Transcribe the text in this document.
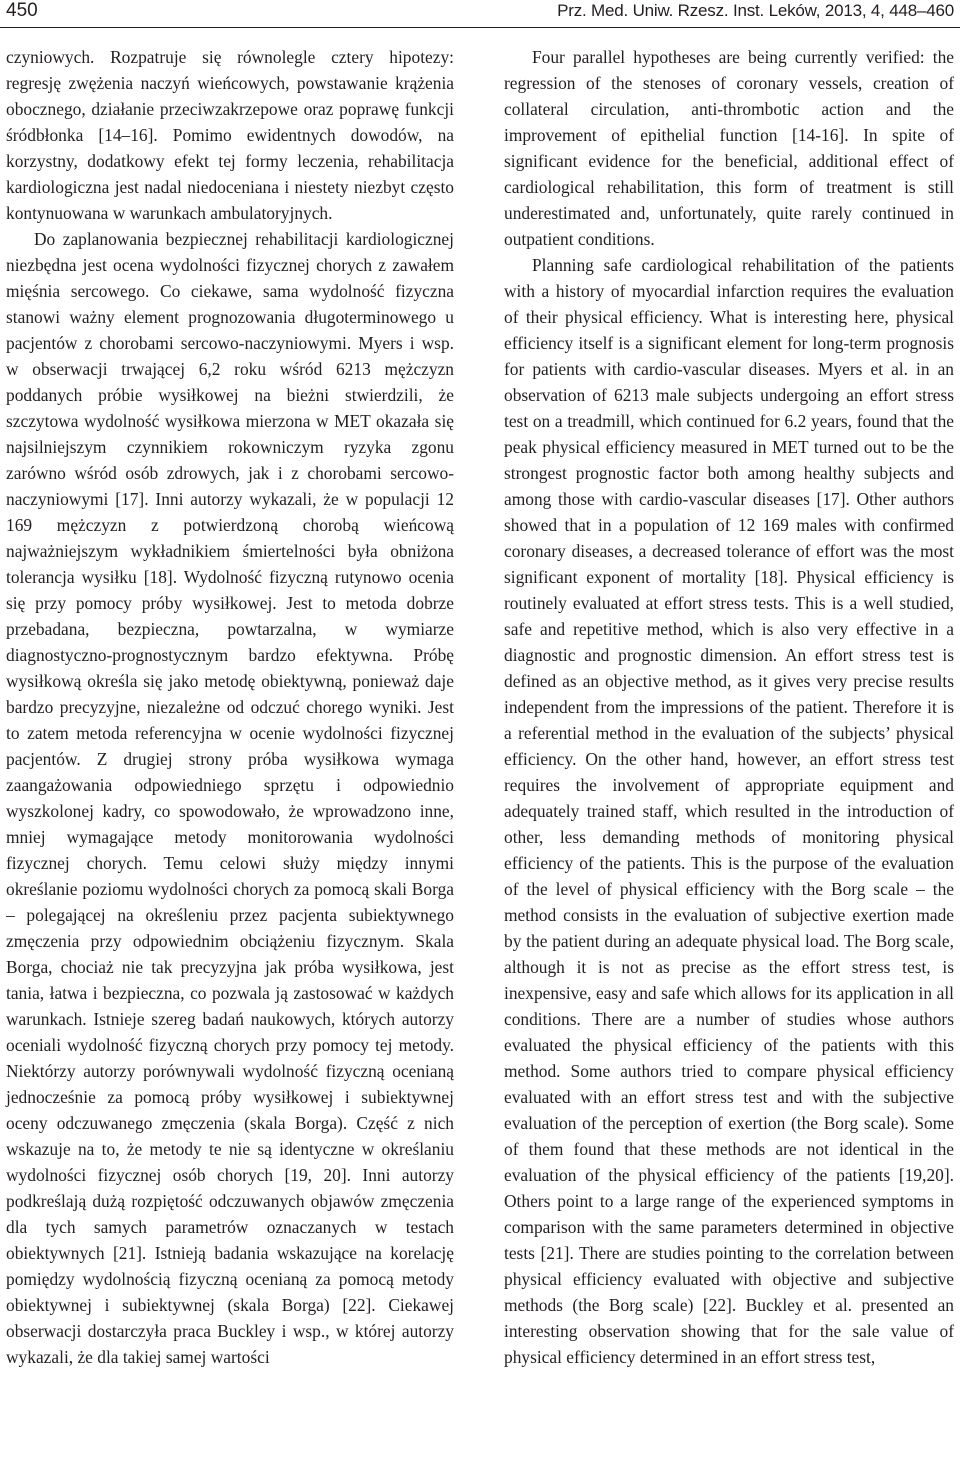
450	Prz. Med. Uniw. Rzesz. Inst. Leków, 2013, 4, 448–460

czyniowych. Rozpatruje się równolegle cztery hipotezy: regresję zwężenia naczyń wieńcowych, powstawanie krążenia obocznego, działanie przeciwzakrzepowe oraz poprawę funkcji śródbłonka [14–16]. Pomimo ewidentnych dowodów, na korzystny, dodatkowy efekt tej formy leczenia, rehabilitacja kardiologiczna jest nadal niedoceniana i niestety niezbyt często kontynuowana w warunkach ambulatoryjnych.

Do zaplanowania bezpiecznej rehabilitacji kardiologicznej niezbędna jest ocena wydolności fizycznej chorych z zawałem mięśnia sercowego. Co ciekawe, sama wydolność fizyczna stanowi ważny element prognozowania długoterminowego u pacjentów z chorobami sercowo-naczyniowymi. Myers i wsp. w obserwacji trwającej 6,2 roku wśród 6213 mężczyzn poddanych próbie wysiłkowej na bieżni stwierdzili, że szczytowa wydolność wysiłkowa mierzona w MET okazała się najsilniejszym czynnikiem rokowniczym ryzyka zgonu zarówno wśród osób zdrowych, jak i z chorobami sercowo-naczyniowymi [17]. Inni autorzy wykazali, że w populacji 12 169 mężczyzn z potwierdzoną chorobą wieńcową najważniejszym wykładnikiem śmiertelności była obniżona tolerancja wysiłku [18]. Wydolność fizyczną rutynowo ocenia się przy pomocy próby wysiłkowej. Jest to metoda dobrze przebadana, bezpieczna, powtarzalna, w wymiarze diagnostyczno-prognostycznym bardzo efektywna. Próbę wysiłkową określa się jako metodę obiektywną, ponieważ daje bardzo precyzyjne, niezależne od odczuć chorego wyniki. Jest to zatem metoda referencyjna w ocenie wydolności fizycznej pacjentów. Z drugiej strony próba wysiłkowa wymaga zaangażowania odpowiedniego sprzętu i odpowiednio wyszkolonej kadry, co spowodowało, że wprowadzono inne, mniej wymagające metody monitorowania wydolności fizycznej chorych. Temu celowi służy między innymi określanie poziomu wydolności chorych za pomocą skali Borga – polegającej na określeniu przez pacjenta subiektywnego zmęczenia przy odpowiednim obciążeniu fizycznym. Skala Borga, chociaż nie tak precyzyjna jak próba wysiłkowa, jest tania, łatwa i bezpieczna, co pozwala ją zastosować w każdych warunkach. Istnieje szereg badań naukowych, których autorzy oceniali wydolność fizyczną chorych przy pomocy tej metody. Niektórzy autorzy porównywali wydolność fizyczną ocenianą jednocześnie za pomocą próby wysiłkowej i subiektywnej oceny odczuwanego zmęczenia (skala Borga). Część z nich wskazuje na to, że metody te nie są identyczne w określaniu wydolności fizycznej osób chorych [19, 20]. Inni autorzy podkreślają dużą rozpiętość odczuwanych objawów zmęczenia dla tych samych parametrów oznaczanych w testach obiektywnych [21]. Istnieją badania wskazujące na korelację pomiędzy wydolnością fizyczną ocenianą za pomocą metody obiektywnej i subiektywnej (skala Borga) [22]. Ciekawej obserwacji dostarczyła praca Buckley i wsp., w której autorzy wykazali, że dla takiej samej wartości

Four parallel hypotheses are being currently verified: the regression of the stenoses of coronary vessels, creation of collateral circulation, anti-thrombotic action and the improvement of epithelial function [14-16]. In spite of significant evidence for the beneficial, additional effect of cardiological rehabilitation, this form of treatment is still underestimated and, unfortunately, quite rarely continued in outpatient conditions.

Planning safe cardiological rehabilitation of the patients with a history of myocardial infarction requires the evaluation of their physical efficiency. What is interesting here, physical efficiency itself is a significant element for long-term prognosis for patients with cardio-vascular diseases. Myers et al. in an observation of 6213 male subjects undergoing an effort stress test on a treadmill, which continued for 6.2 years, found that the peak physical efficiency measured in MET turned out to be the strongest prognostic factor both among healthy subjects and among those with cardio-vascular diseases [17]. Other authors showed that in a population of 12 169 males with confirmed coronary diseases, a decreased tolerance of effort was the most significant exponent of mortality [18]. Physical efficiency is routinely evaluated at effort stress tests. This is a well studied, safe and repetitive method, which is also very effective in a diagnostic and prognostic dimension. An effort stress test is defined as an objective method, as it gives very precise results independent from the impressions of the patient. Therefore it is a referential method in the evaluation of the subjects’ physical efficiency. On the other hand, however, an effort stress test requires the involvement of appropriate equipment and adequately trained staff, which resulted in the introduction of other, less demanding methods of monitoring physical efficiency of the patients. This is the purpose of the evaluation of the level of physical efficiency with the Borg scale – the method consists in the evaluation of subjective exertion made by the patient during an adequate physical load. The Borg scale, although it is not as precise as the effort stress test, is inexpensive, easy and safe which allows for its application in all conditions. There are a number of studies whose authors evaluated the physical efficiency of the patients with this method. Some authors tried to compare physical efficiency evaluated with an effort stress test and with the subjective evaluation of the perception of exertion (the Borg scale). Some of them found that these methods are not identical in the evaluation of the physical efficiency of the patients [19,20]. Others point to a large range of the experienced symptoms in comparison with the same parameters determined in objective tests [21]. There are studies pointing to the correlation between physical efficiency evaluated with objective and subjective methods (the Borg scale) [22]. Buckley et al. presented an interesting observation showing that for the sale value of physical efficiency determined in an effort stress test,
